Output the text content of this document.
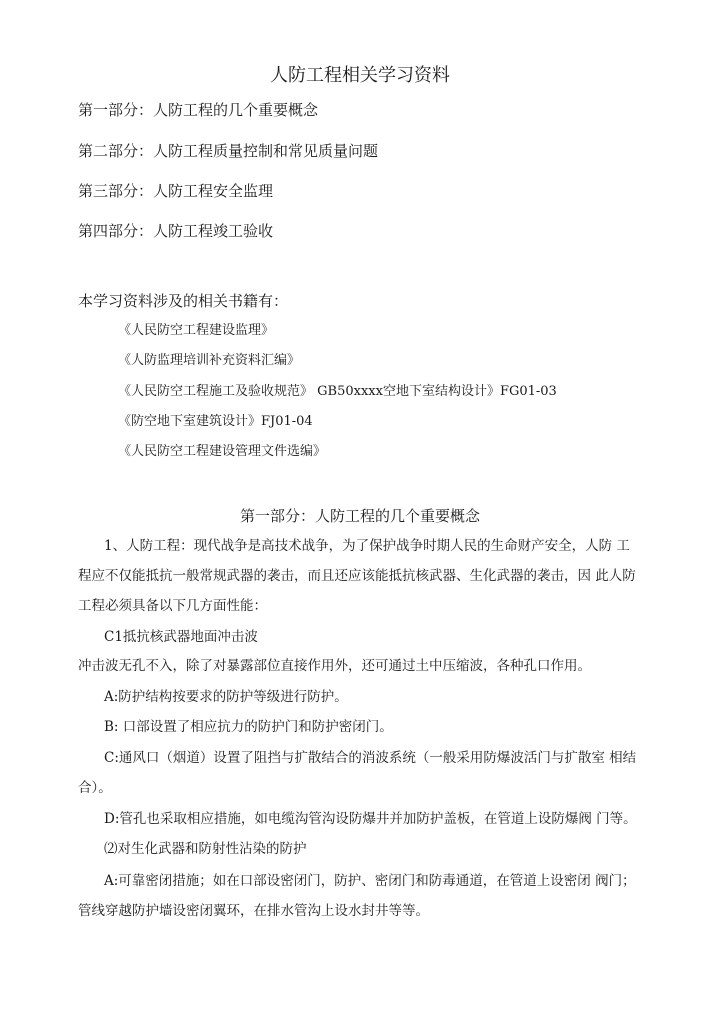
人防工程相关学习资料
第一部分：人防工程的几个重要概念
第二部分：人防工程质量控制和常见质量问题
第三部分：人防工程安全监理
第四部分：人防工程竣工验收
本学习资料涉及的相关书籍有：
《人民防空工程建设监理》
《人防监理培训补充资料汇编》
《人民防空工程施工及验收规范》 GB50xxxx空地下室结构设计》FG01-03
《防空地下室建筑设计》FJ01-04
《人民防空工程建设管理文件选编》
第一部分：人防工程的几个重要概念
1、人防工程：现代战争是高技术战争，为了保护战争时期人民的生命财产安全，人防 工
程应不仅能抵抗一般常规武器的袭击，而且还应该能抵抗核武器、生化武器的袭击，因 此人防
工程必须具备以下几方面性能：
C1抵抗核武器地面冲击波
冲击波无孔不入，除了对暴露部位直接作用外，还可通过土中压缩波，各种孔口作用。
A:防护结构按要求的防护等级进行防护。
B: 口部设置了相应抗力的防护门和防护密闭门。
C:通风口（烟道）设置了阻挡与扩散结合的消波系统（一般采用防爆波活门与扩散室 相结
合）。
D:管孔也采取相应措施，如电缆沟管沟设防爆井并加防护盖板，在管道上设防爆阀 门等。
⑵对生化武器和防射性沾染的防护
A:可靠密闭措施；如在口部设密闭门，防护、密闭门和防毒通道，在管道上设密闭 阀门；
管线穿越防护墙设密闭翼环，在排水管沟上设水封井等等。
